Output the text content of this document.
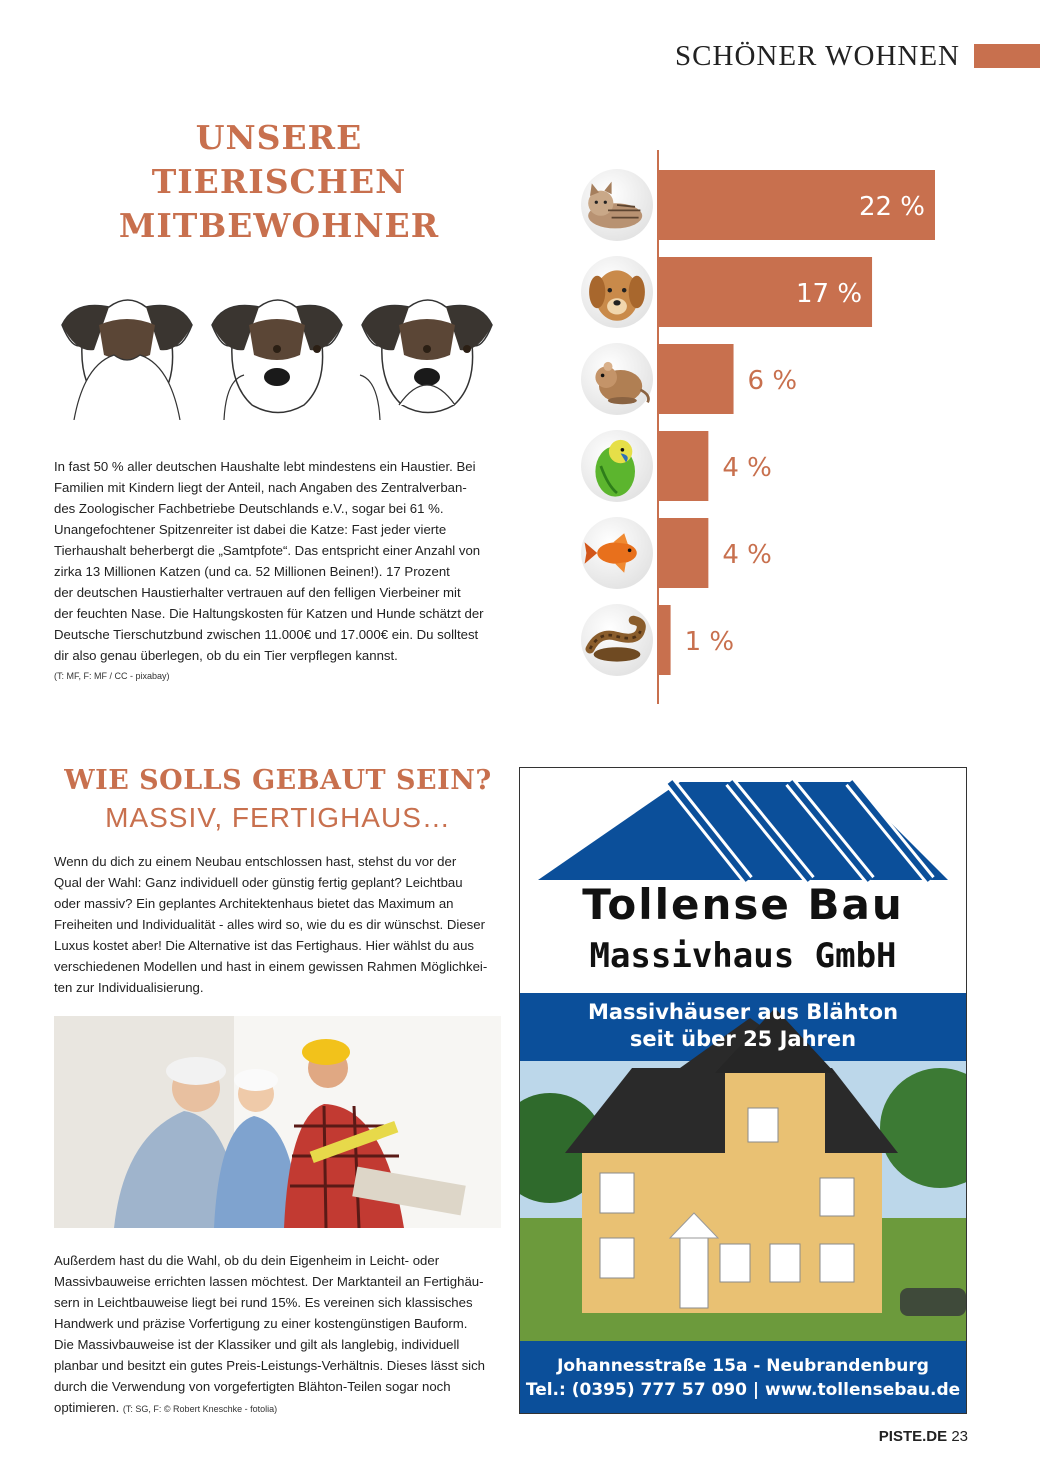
SCHÖNER WOHNEN
UNSERE
TIERISCHEN
MITBEWOHNER
In fast 50 % aller deutschen Haushalte lebt mindestens ein Haustier. Bei
Familien mit Kindern liegt der Anteil, nach Angaben des Zentralverban-
des Zoologischer Fachbetriebe Deutschlands e.V., sogar bei 61 %.
Unangefochtener Spitzenreiter ist dabei die Katze: Fast jeder vierte
Tierhaushalt beherbergt die „Samtpfote“. Das entspricht einer Anzahl von
zirka 13 Millionen Katzen (und ca. 52 Millionen Beinen!). 17 Prozent
der deutschen Haustierhalter vertrauen auf den felligen Vierbeiner mit
der feuchten Nase. Die Haltungskosten für Katzen und Hunde schätzt der
Deutsche Tierschutzbund zwischen 11.000€ und 17.000€ ein. Du solltest
dir also genau überlegen, ob du ein Tier verpflegen kannst.
(T: MF, F: MF / CC - pixabay)
22 %
17 %
6 %
4 %
4 %
1 %
WIE SOLLS GEBAUT SEIN?
MASSIV, FERTIGHAUS…
Wenn du dich zu einem Neubau entschlossen hast, stehst du vor der
Qual der Wahl: Ganz individuell oder günstig fertig geplant? Leichtbau
oder massiv? Ein geplantes Architektenhaus bietet das Maximum an
Freiheiten und Individualität - alles wird so, wie du es dir wünschst. Dieser
Luxus kostet aber! Die Alternative ist das Fertighaus. Hier wählst du aus
verschiedenen Modellen und hast in einem gewissen Rahmen Möglichkei-
ten zur Individualisierung.
Außerdem hast du die Wahl, ob du dein Eigenheim in Leicht- oder
Massivbauweise errichten lassen möchtest. Der Marktanteil an Fertighäu-
sern in Leichtbauweise liegt bei rund 15%. Es vereinen sich klassisches
Handwerk und präzise Vorfertigung zu einer kostengünstigen Bauform.
Die Massivbauweise ist der Klassiker und gilt als langlebig, individuell
planbar und besitzt ein gutes Preis-Leistungs-Verhältnis. Dieses lässt sich
durch die Verwendung von vorgefertigten Blähton-Teilen sogar noch
optimieren. (T: SG, F: © Robert Kneschke - fotolia)
Tollense Bau
Massivhaus GmbH
Massivhäuser aus Blähton
seit über 25 Jahren
Johannesstraße 15a - Neubrandenburg
Tel.: (0395) 777 57 090 | www.tollensebau.de
PISTE.DE 23
